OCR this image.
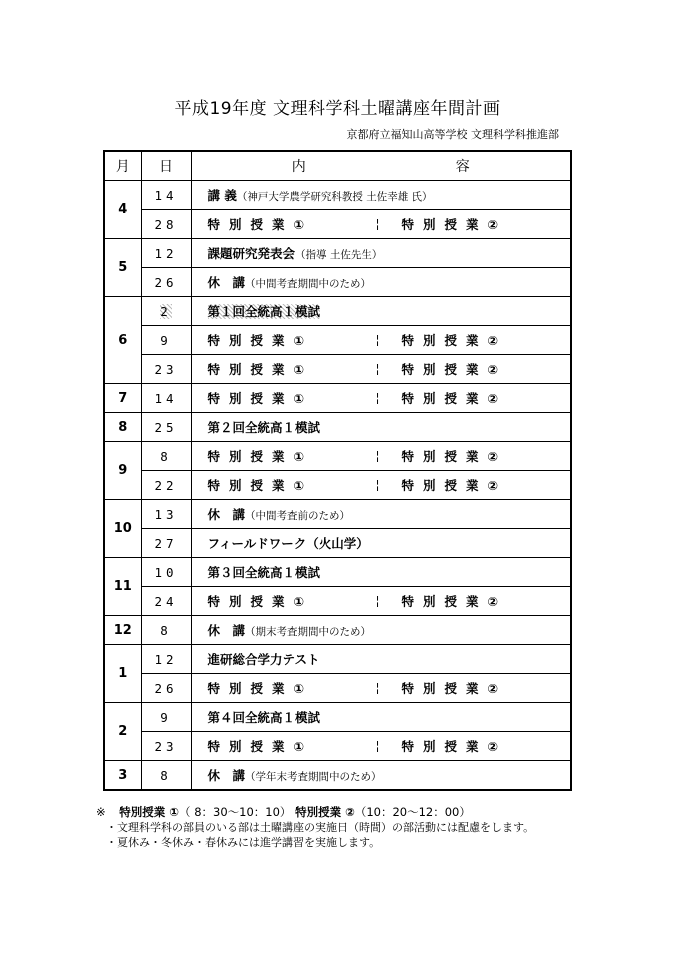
平成19年度 文理科学科土曜講座年間計画
京都府立福知山高等学校 文理科学科推進部
月	日	内 容
4	14	講 義（神戸大学農学研究科教授 土佐幸雄 氏）
	28	特別授業① ¦ 特別授業②

5	12	課題研究発表会（指導 土佐先生）
	26	休　講（中間考査期間中のため）
6	2	第１回全統高１模試
	9	特別授業① ¦ 特別授業②

	23	特別授業① ¦ 特別授業②

7	14	特別授業① ¦ 特別授業②

8	25	第２回全統高１模試
9	8	特別授業① ¦ 特別授業②

	22	特別授業① ¦ 特別授業②

10	13	休　講（中間考査前のため）
	27	フィールドワーク（火山学）
11	10	第３回全統高１模試
	24	特別授業① ¦ 特別授業②

12	8	休　講（期末考査期間中のため）
1	12	進研総合学力テスト
	26	特別授業① ¦ 特別授業②

2	9	第４回全統高１模試
	23	特別授業① ¦ 特別授業②

3	8	休　講（学年末考査期間中のため）
※ 特別授業 ①（ 8：30〜10：10） 特別授業 ②（10：20〜12：00）
・文理科学科の部員のいる部は土曜講座の実施日（時間）の部活動には配慮をします。
・夏休み・冬休み・春休みには進学講習を実施します。
